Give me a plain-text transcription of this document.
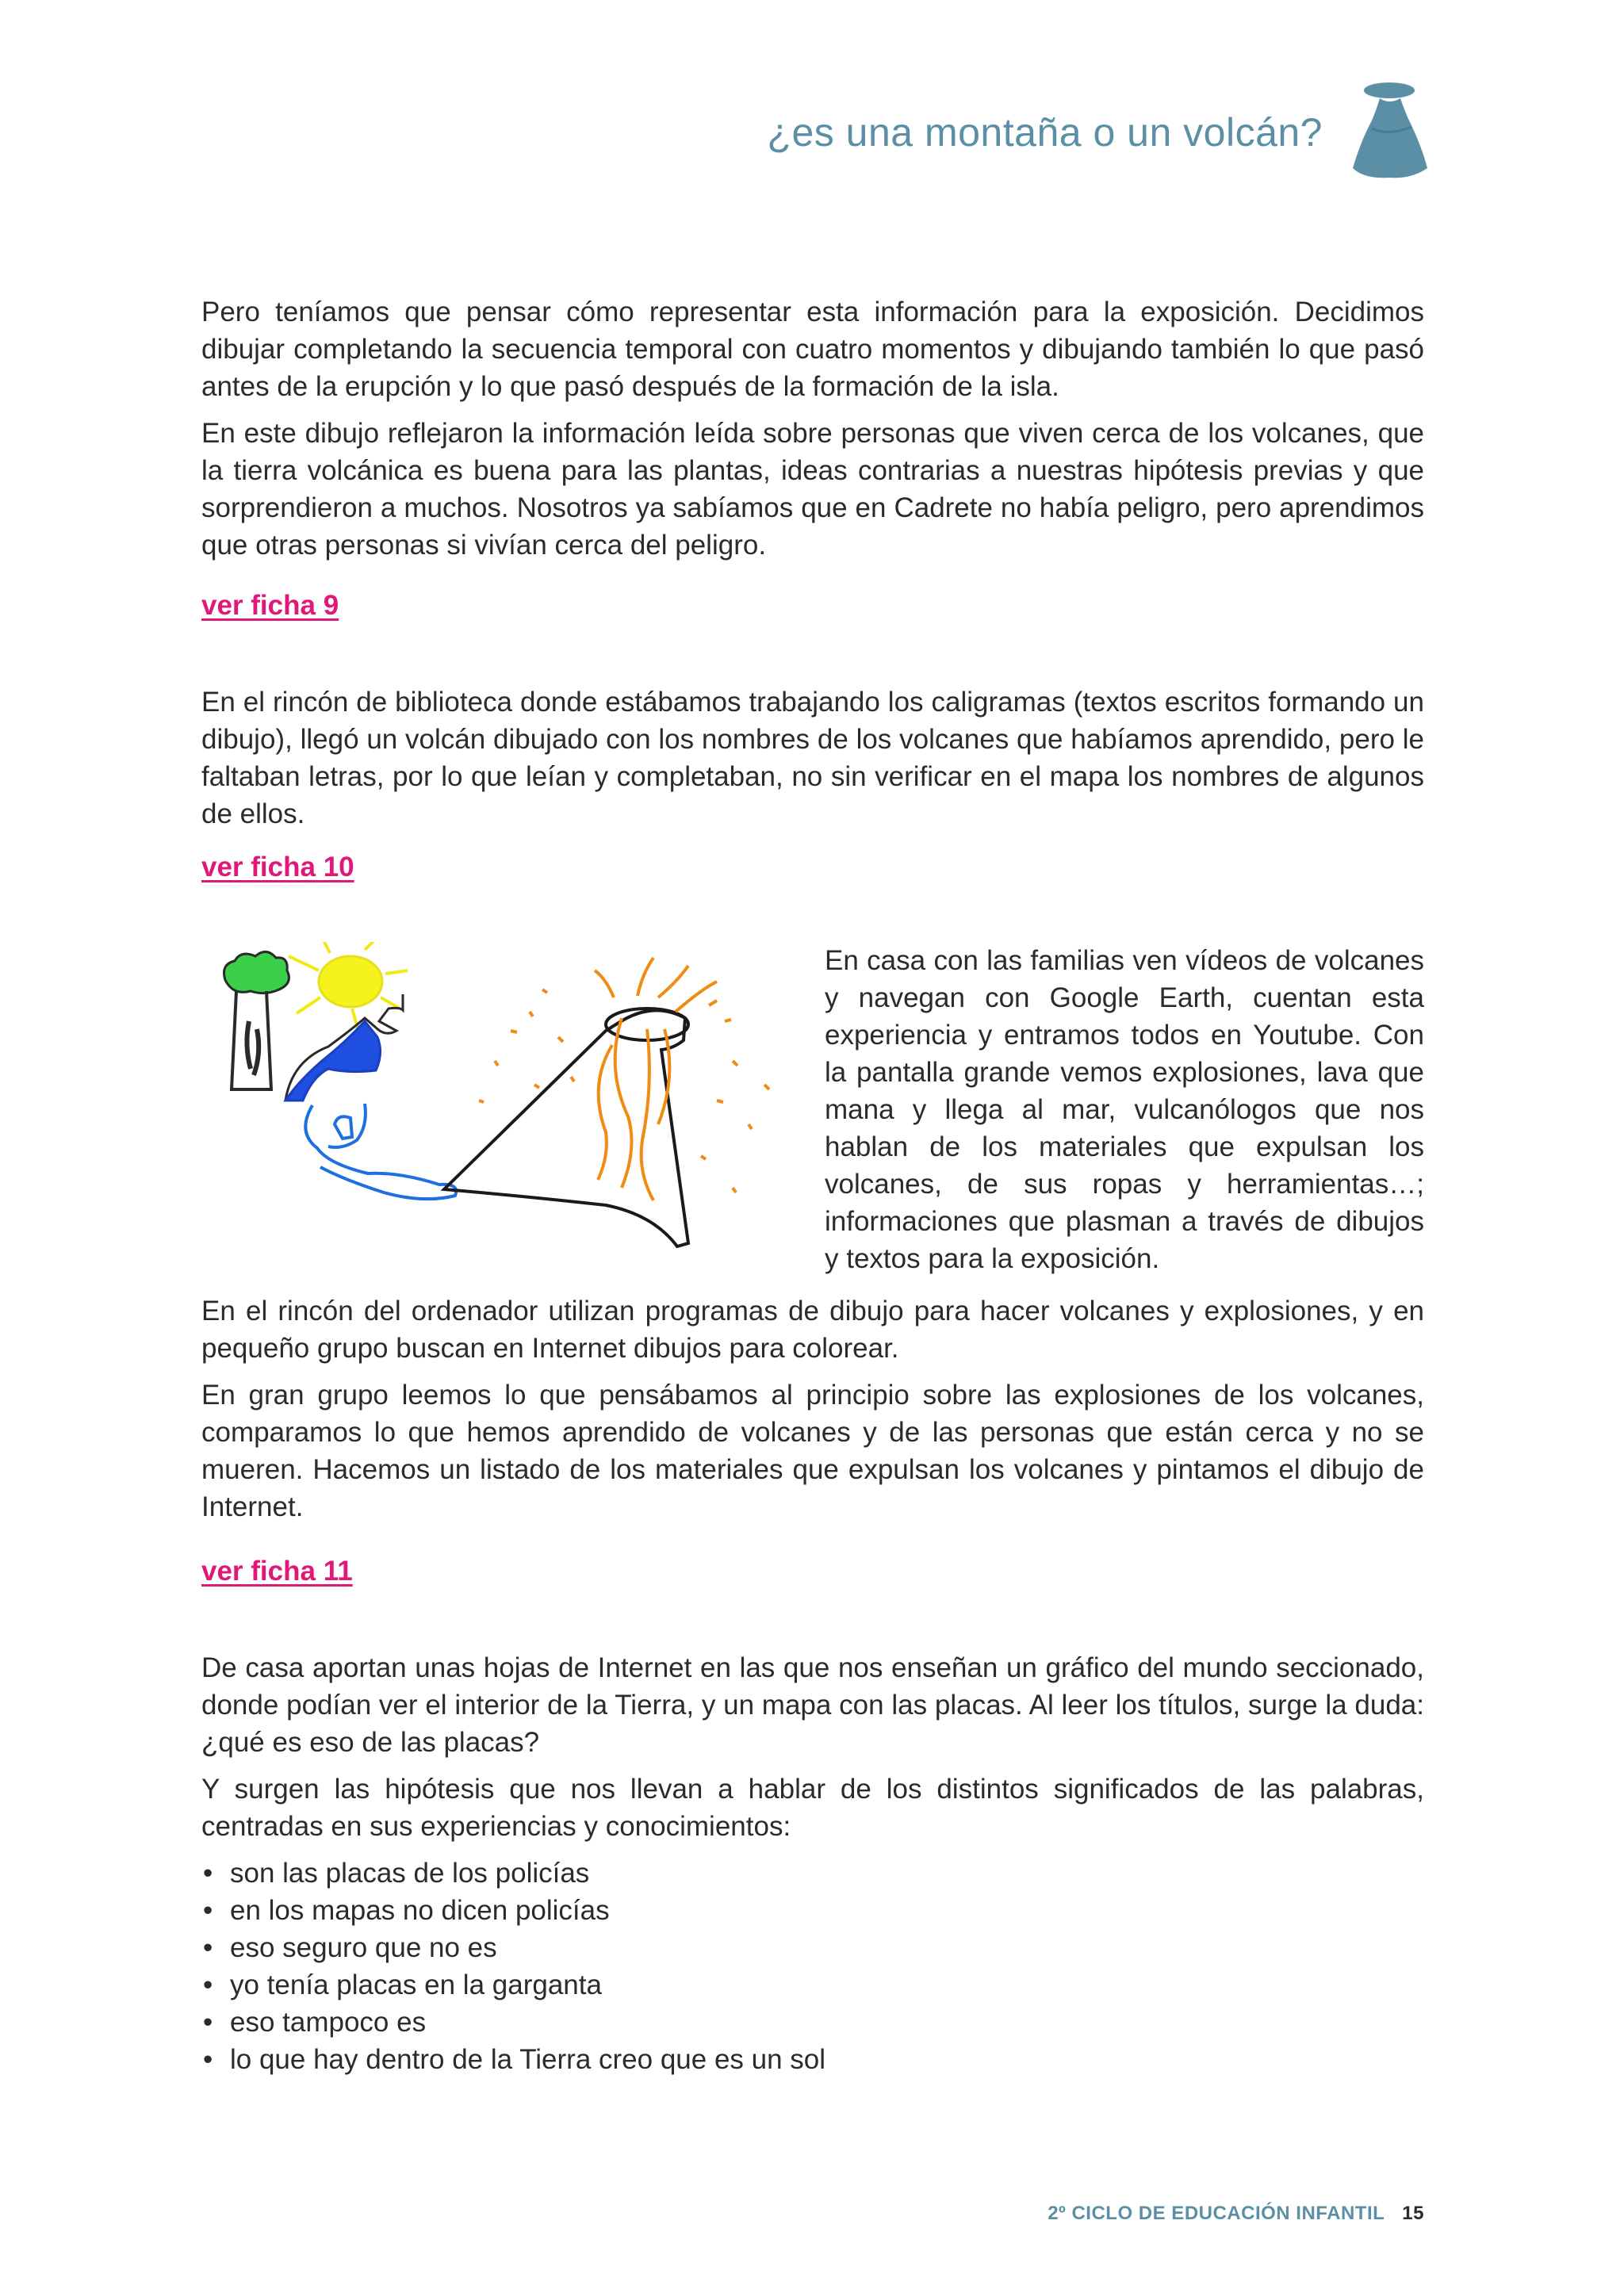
¿es una montaña o un volcán?

Pero teníamos que pensar cómo representar esta información para la exposición. Decidimos dibujar completando la secuencia temporal con cuatro momentos y dibujando también lo que pasó antes de la erupción y lo que pasó después de la formación de la isla.

En este dibujo reflejaron la información leída sobre personas que viven cerca de los volcanes, que la tierra volcánica es buena para las plantas, ideas contrarias a nuestras hipótesis previas y que sorprendieron a muchos. Nosotros ya sabíamos que en Cadrete no había peligro, pero aprendimos que otras personas si vivían cerca del peligro.

ver ficha 9

En el rincón de biblioteca donde estábamos trabajando los caligramas (textos escritos formando un dibujo), llegó un volcán dibujado con los nombres de los volcanes que habíamos aprendido, pero le faltaban letras, por lo que leían y completaban, no sin verificar en el mapa los nombres de algunos de ellos.

ver ficha 10
En casa con las familias ven vídeos de volcanes y navegan con Google Earth, cuentan esta experiencia y entramos todos en Youtube. Con la pantalla grande vemos explosiones, lava que mana y llega al mar, vulcanólogos que nos hablan de los materiales que expulsan los volcanes, de sus ropas y herramientas…; informaciones que plasman a través de dibujos y textos para la exposición.

En el rincón del ordenador utilizan programas de dibujo para hacer volcanes y explosiones, y en pequeño grupo buscan en Internet dibujos para colorear.

En gran grupo leemos lo que pensábamos al principio sobre las explosiones de los volcanes, comparamos lo que hemos aprendido de volcanes y de las personas que están cerca y no se mueren. Hacemos un listado de los materiales que expulsan los volcanes y pintamos el dibujo de Internet.

ver ficha 11

De casa aportan unas hojas de Internet en las que nos enseñan un gráfico del mundo seccionado, donde podían ver el interior de la Tierra, y un mapa con las placas. Al leer los títulos, surge la duda: ¿qué es eso de las placas?

Y surgen las hipótesis que nos llevan a hablar de los distintos significados de las palabras, centradas en sus experiencias y conocimientos:

• son las placas de los policías
• en los mapas no dicen policías
• eso seguro que no es
• yo tenía placas en la garganta
• eso tampoco es
• lo que hay dentro de la Tierra creo que es un sol
2º CICLO DE EDUCACIÓN INFANTIL 15
